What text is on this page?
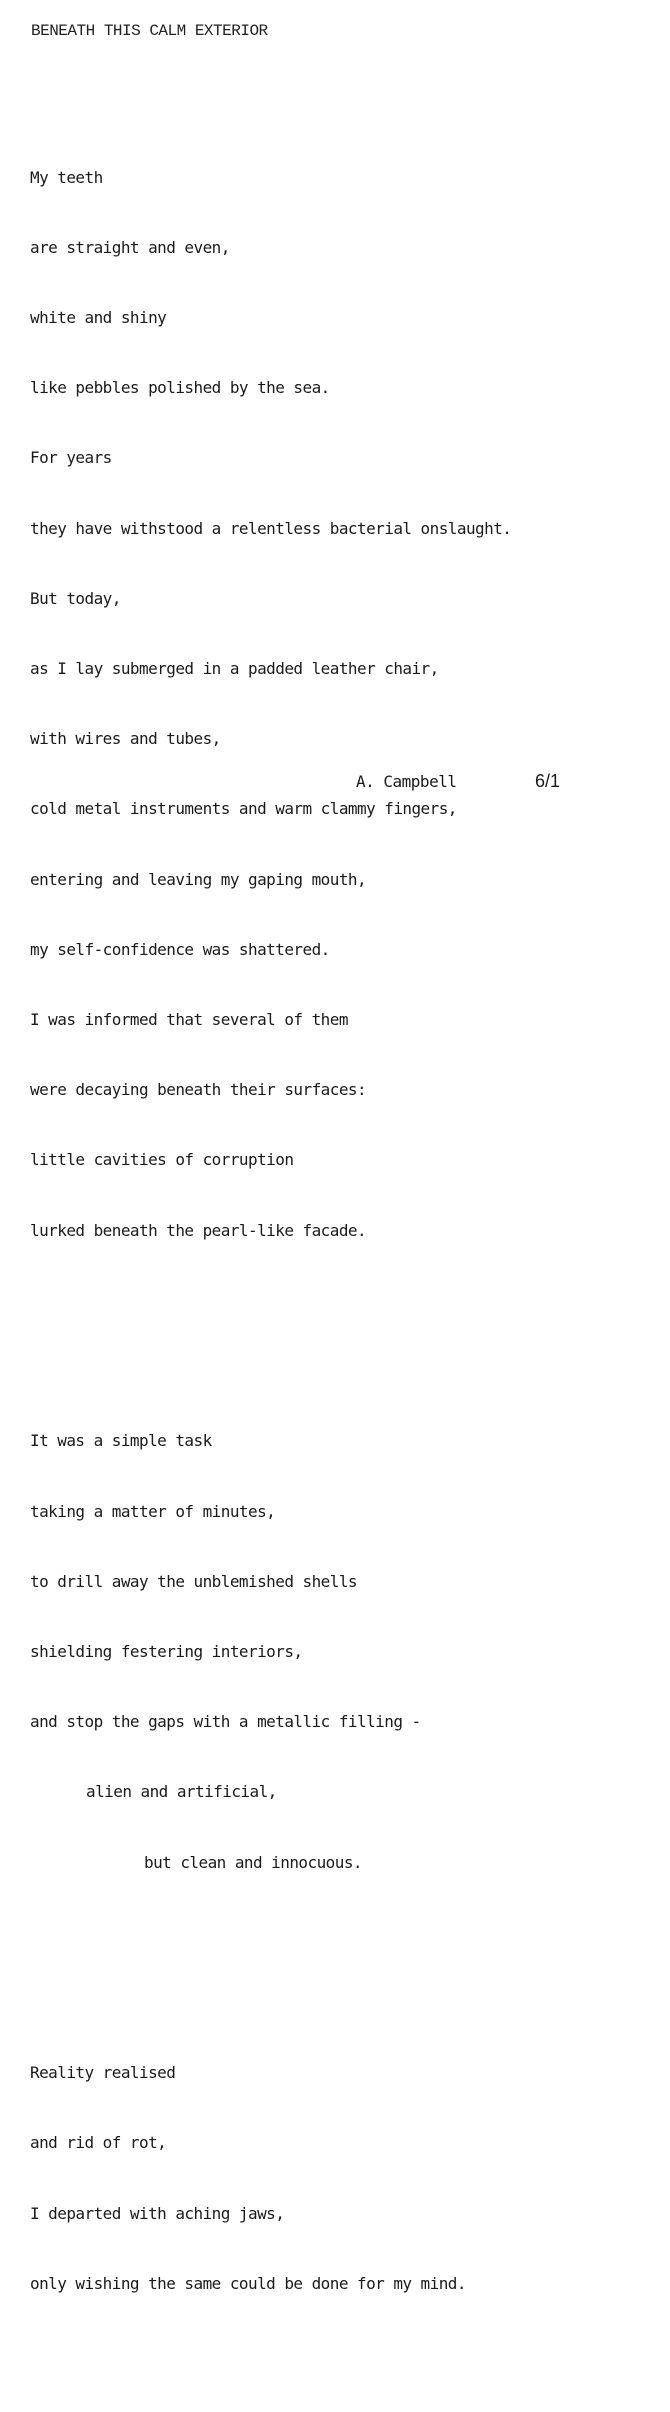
BENEATH THIS CALM EXTERIOR

My teeth

are straight and even,

white and shiny

like pebbles polished by the sea.

For years

they have withstood a relentless bacterial onslaught.

But today,

as I lay submerged in a padded leather chair,

with wires and tubes,

cold metal instruments and warm clammy fingers,

entering and leaving my gaping mouth,

my self-confidence was shattered.

I was informed that several of them

were decaying beneath their surfaces:

little cavities of corruption

lurked beneath the pearl-like facade.

It was a simple task

taking a matter of minutes,

to drill away the unblemished shells

shielding festering interiors,

and stop the gaps with a metallic filling -

alien and artificial,

but clean and innocuous.

Reality realised

and rid of rot,

I departed with aching jaws,

only wishing the same could be done for my mind.

A. Campbell	6/1
